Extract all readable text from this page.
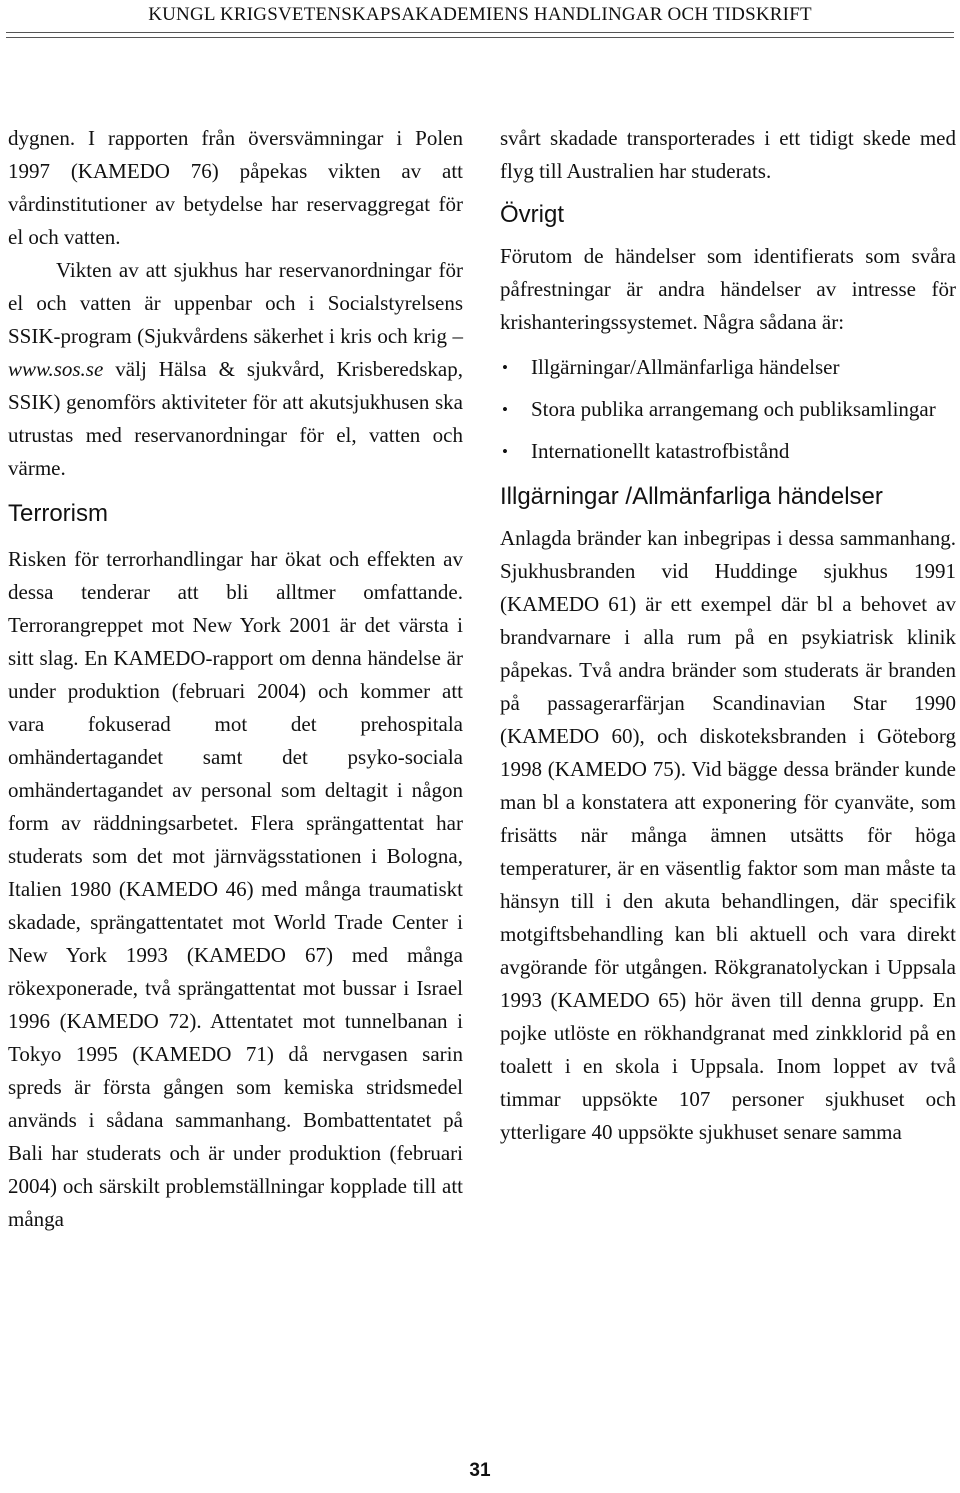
KUNGL KRIGSVETENSKAPSAKADEMIENS HANDLINGAR OCH TIDSKRIFT

dygnen. I rapporten från översvämningar i Polen 1997 (KAMEDO 76) påpekas vikten av att vårdinstitutioner av betydelse har reservaggregat för el och vatten.

Vikten av att sjukhus har reservanordningar för el och vatten är uppenbar och i Socialstyrelsens SSIK-program (Sjukvårdens säkerhet i kris och krig – www.sos.se välj Hälsa & sjukvård, Krisberedskap, SSIK) genomförs aktiviteter för att akutsjukhusen ska utrustas med reservanordningar för el, vatten och värme.

Terrorism

Risken för terrorhandlingar har ökat och effekten av dessa tenderar att bli alltmer omfattande. Terrorangreppet mot New York 2001 är det värsta i sitt slag. En KAMEDO-rapport om denna händelse är under produktion (februari 2004) och kommer att vara fokuserad mot det prehospitala omhändertagandet samt det psyko-sociala omhändertagandet av personal som deltagit i någon form av räddningsarbetet. Flera sprängattentat har studerats som det mot järnvägsstationen i Bologna, Italien 1980 (KAMEDO 46) med många traumatiskt skadade, sprängattentatet mot World Trade Center i New York 1993 (KAMEDO 67) med många rökexponerade, två sprängattentat mot bussar i Israel 1996 (KAMEDO 72). Attentatet mot tunnelbanan i Tokyo 1995 (KAMEDO 71) då nervgasen sarin spreds är första gången som kemiska stridsmedel används i sådana sammanhang. Bombattentatet på Bali har studerats och är under produktion (februari 2004) och särskilt problemställningar kopplade till att många

svårt skadade transporterades i ett tidigt skede med flyg till Australien har studerats.

Övrigt

Förutom de händelser som identifierats som svåra påfrestningar är andra händelser av intresse för krishanteringssystemet. Några sådana är:

• Illgärningar/Allmänfarliga händelser
• Stora publika arrangemang och publiksamlingar
• Internationellt katastrofbistånd
Illgärningar /Allmänfarliga händelser

Anlagda bränder kan inbegripas i dessa sammanhang. Sjukhusbranden vid Huddinge sjukhus 1991 (KAMEDO 61) är ett exempel där bl a behovet av brandvarnare i alla rum på en psykiatrisk klinik påpekas. Två andra bränder som studerats är branden på passagerarfärjan Scandinavian Star 1990 (KAMEDO 60), och diskoteksbranden i Göteborg 1998 (KAMEDO 75). Vid bägge dessa bränder kunde man bl a konstatera att exponering för cyanväte, som frisätts när många ämnen utsätts för höga temperaturer, är en väsentlig faktor som man måste ta hänsyn till i den akuta behandlingen, där specifik motgiftsbehandling kan bli aktuell och vara direkt avgörande för utgången. Rökgranatolyckan i Uppsala 1993 (KAMEDO 65) hör även till denna grupp. En pojke utlöste en rökhandgranat med zinkklorid på en toalett i en skola i Uppsala. Inom loppet av två timmar uppsökte 107 personer sjukhuset och ytterligare 40 uppsökte sjukhuset senare samma

31
